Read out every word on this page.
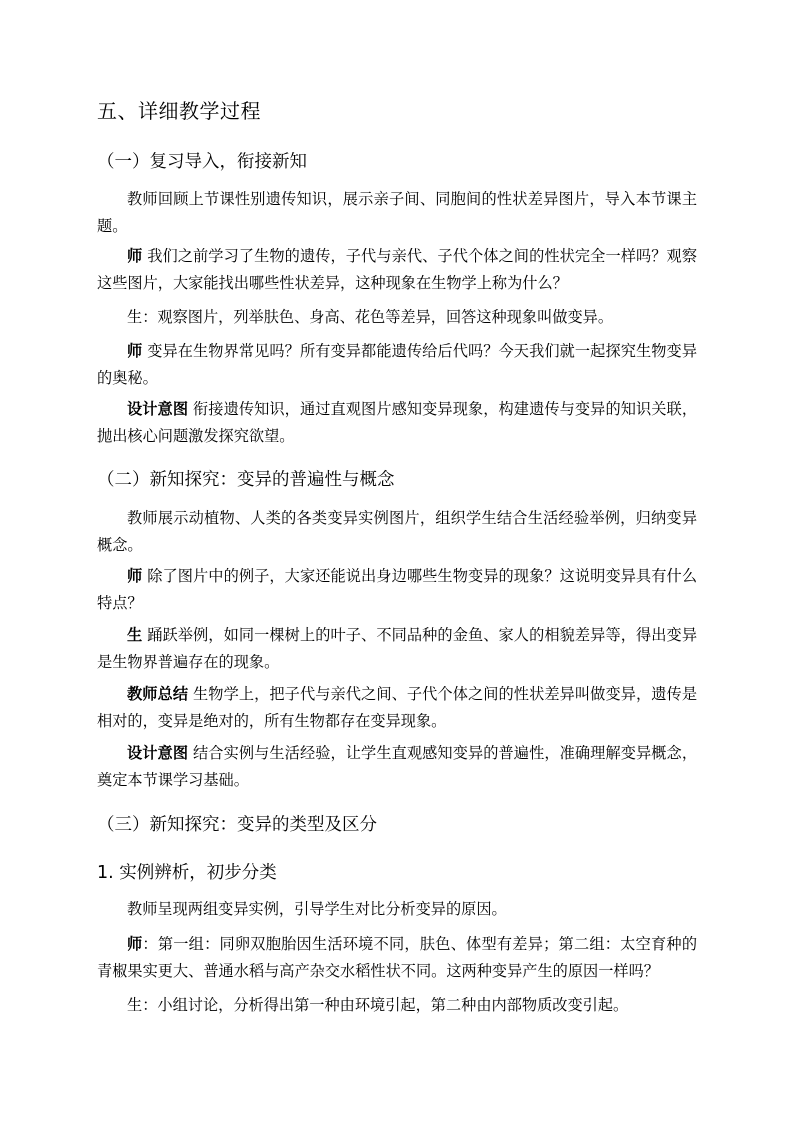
五、详细教学过程
（一）复习导入，衔接新知

教师回顾上节课性别遗传知识，展示亲子间、同胞间的性状差异图片，导入本节课主题。

师 我们之前学习了生物的遗传，子代与亲代、子代个体之间的性状完全一样吗？观察这些图片，大家能找出哪些性状差异，这种现象在生物学上称为什么？

生：观察图片，列举肤色、身高、花色等差异，回答这种现象叫做变异。

师 变异在生物界常见吗？所有变异都能遗传给后代吗？今天我们就一起探究生物变异的奥秘。

设计意图 衔接遗传知识，通过直观图片感知变异现象，构建遗传与变异的知识关联，抛出核心问题激发探究欲望。

（二）新知探究：变异的普遍性与概念

教师展示动植物、人类的各类变异实例图片，组织学生结合生活经验举例，归纳变异概念。

师 除了图片中的例子，大家还能说出身边哪些生物变异的现象？这说明变异具有什么特点？

生 踊跃举例，如同一棵树上的叶子、不同品种的金鱼、家人的相貌差异等，得出变异是生物界普遍存在的现象。

教师总结 生物学上，把子代与亲代之间、子代个体之间的性状差异叫做变异，遗传是相对的，变异是绝对的，所有生物都存在变异现象。

设计意图 结合实例与生活经验，让学生直观感知变异的普遍性，准确理解变异概念，奠定本节课学习基础。

（三）新知探究：变异的类型及区分
1. 实例辨析，初步分类

教师呈现两组变异实例，引导学生对比分析变异的原因。

师：第一组：同卵双胞胎因生活环境不同，肤色、体型有差异；第二组：太空育种的青椒果实更大、普通水稻与高产杂交水稻性状不同。这两种变异产生的原因一样吗？

生：小组讨论，分析得出第一种由环境引起，第二种由内部物质改变引起。
